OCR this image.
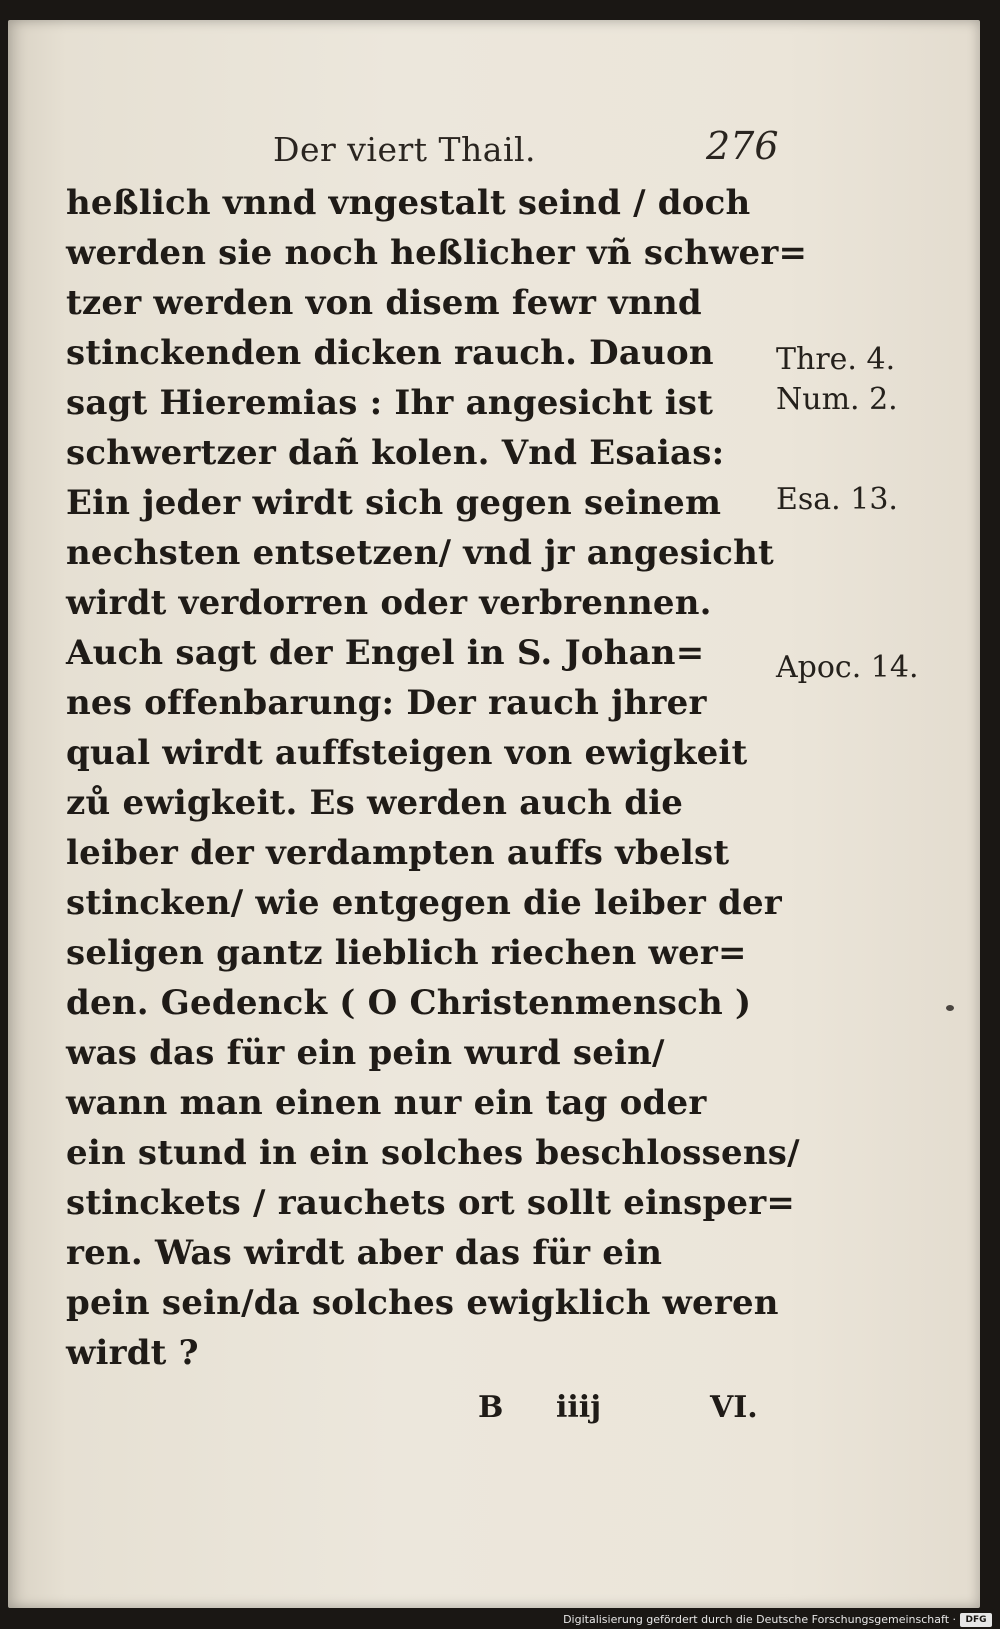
Der viert Thail.	276
heßlich vnnd vngestalt seind / doch
werden sie noch heßlicher vñ schwer=
tzer werden von disem fewr vnnd
stinckenden dicken rauch. Dauon
sagt Hieremias : Ihr angesicht ist
schwertzer dañ kolen. Vnd Esaias:
Ein jeder wirdt sich gegen seinem
nechsten entsetzen/ vnd jr angesicht
wirdt verdorren oder verbrennen.
Auch sagt der Engel in S. Johan=
nes offenbarung: Der rauch jhrer
qual wirdt auffsteigen von ewigkeit
zů ewigkeit. Es werden auch die
leiber der verdampten auffs vbelst
stincken/ wie entgegen die leiber der
seligen gantz lieblich riechen wer=
den. Gedenck ( O Christenmensch )
was das für ein pein wurd sein/
wann man einen nur ein tag oder
ein stund in ein solches beschlossens/
stinckets / rauchets ort sollt einsper=
ren. Was wirdt aber das für ein
pein sein/da solches ewigklich weren
wirdt ?
Thre. 4.
Num. 2.
Esa. 13.
Apoc. 14.
B iiij	VI.
Digitalisierung gefördert durch die Deutsche Forschungsgemeinschaft ·	DFG
